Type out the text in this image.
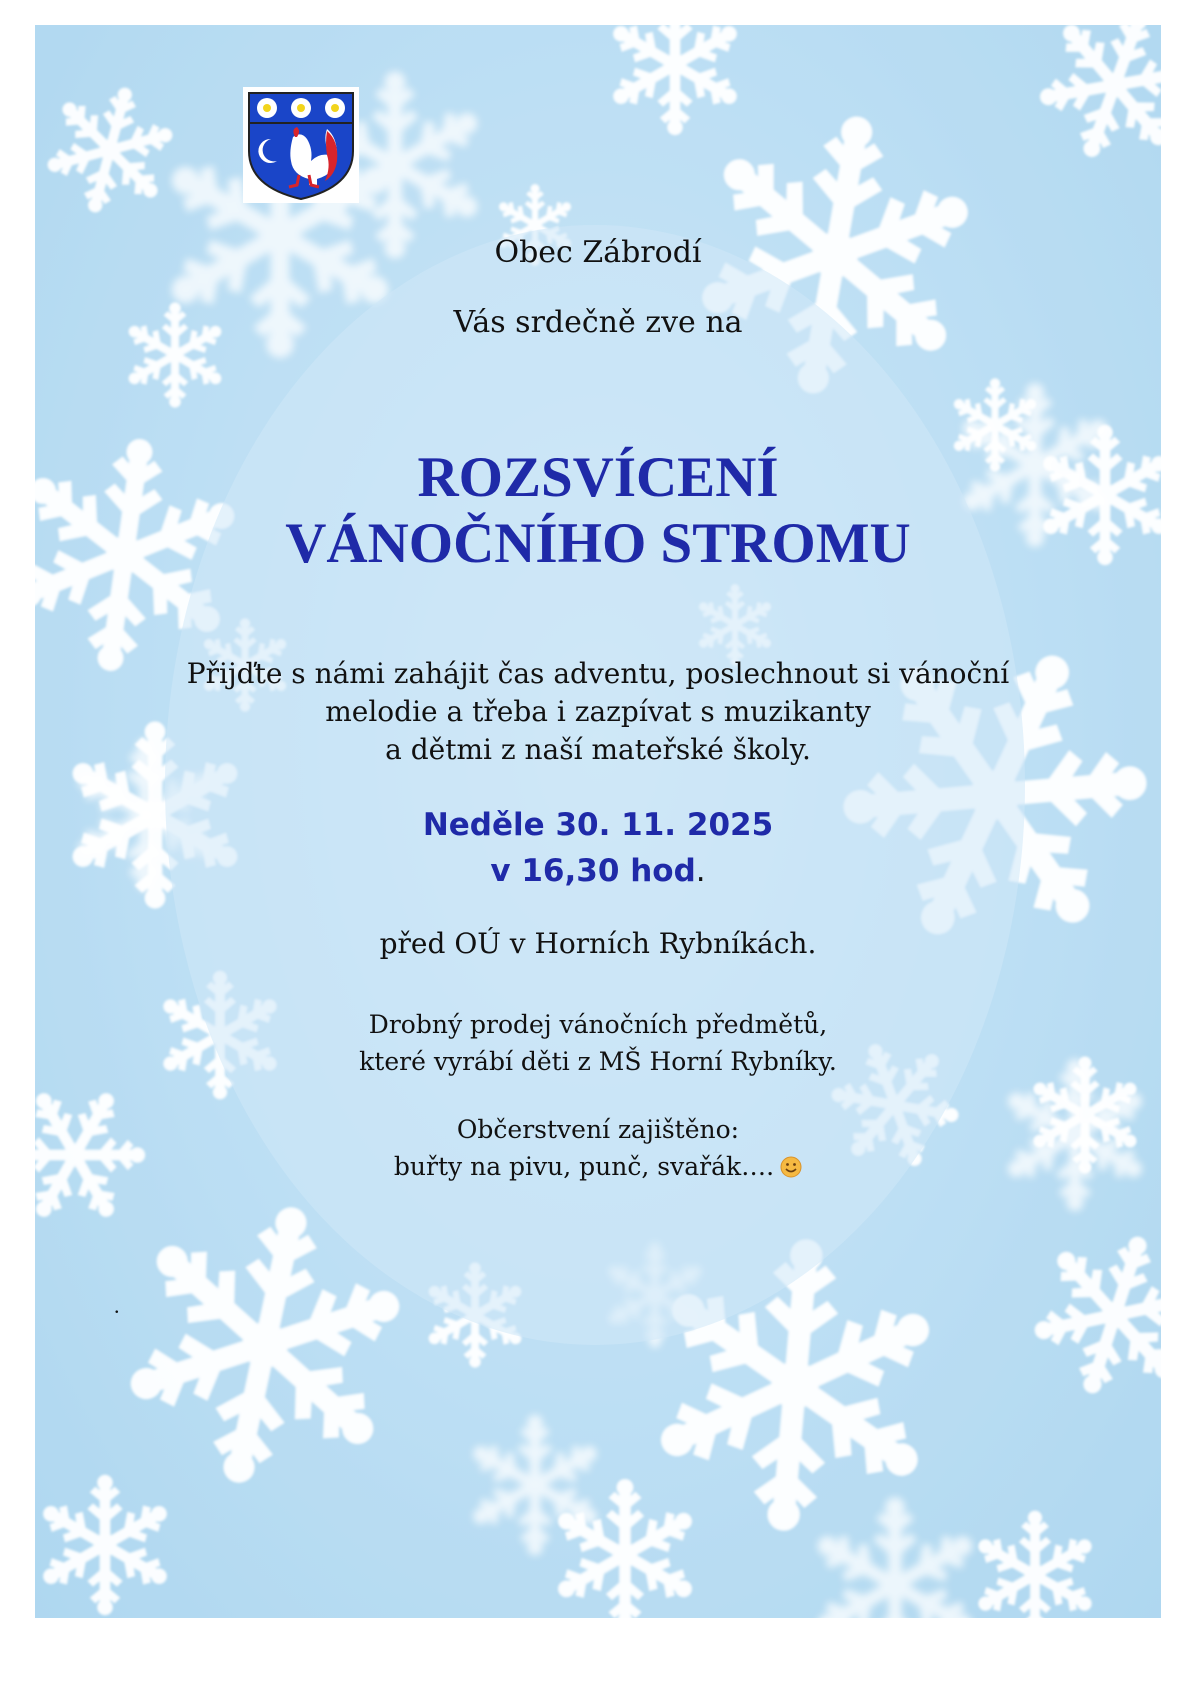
Obec Zábrodí
Vás srdečně zve na
ROZSVÍCENÍ
VÁNOČNÍHO STROMU
Přijďte s námi zahájit čas adventu, poslechnout si vánoční
melodie a třeba i zazpívat s muzikanty
a dětmi z naší mateřské školy.
Neděle 30. 11. 2025
v 16,30 hod.
před OÚ v Horních Rybníkách.
Drobný prodej vánočních předmětů,
které vyrábí děti z MŠ Horní Rybníky.
Občerstvení zajištěno:
buřty na pivu, punč, svařák….
.
